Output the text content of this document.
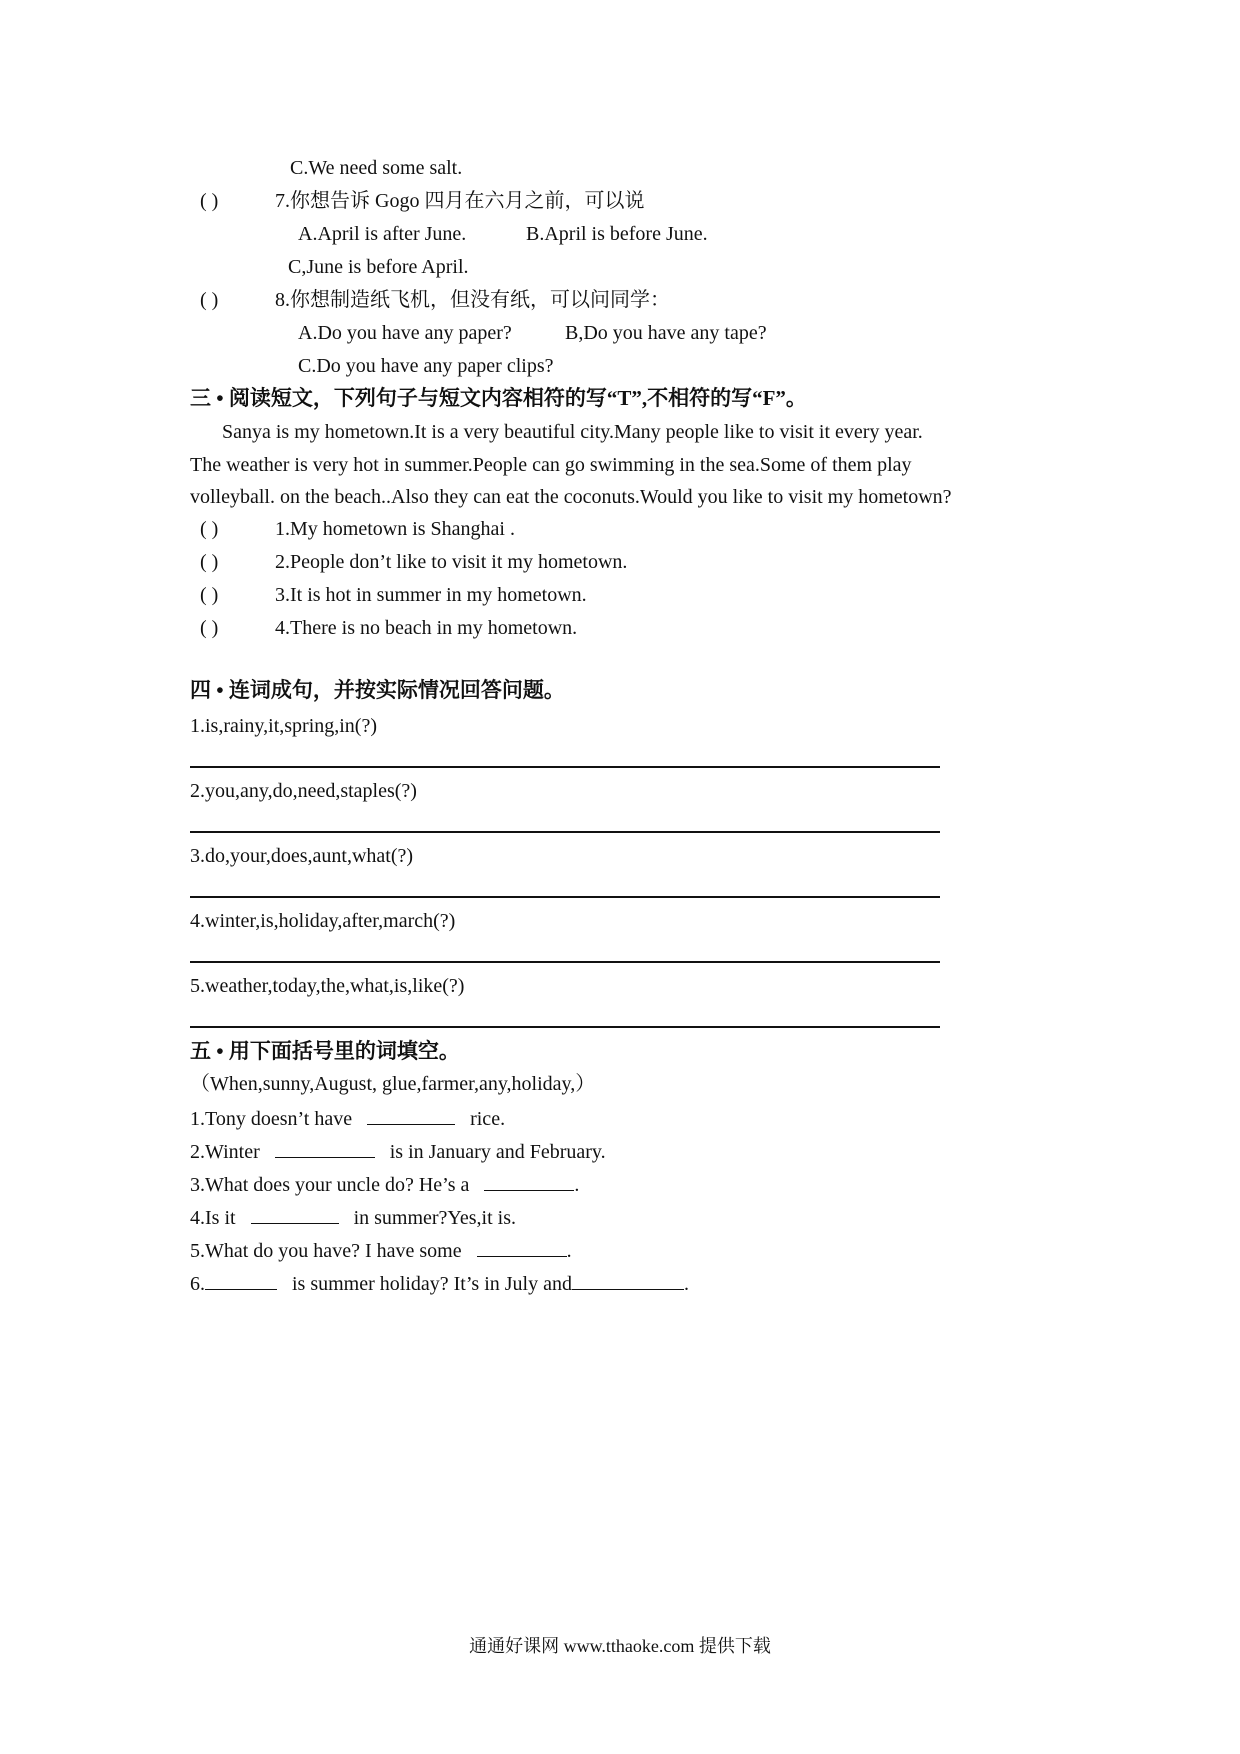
C.We need some salt.
( )	7.你想告诉 Gogo 四月在六月之前，可以说
A.April is after June.	B.April is before June.
C,June is before April.
( )	8.你想制造纸飞机，但没有纸，可以问同学：
A.Do you have any paper?	B,Do you have any tape?
C.Do you have any paper clips?
三 • 阅读短文，下列句子与短文内容相符的写“T”,不相符的写“F”。

Sanya is my hometown.It is a very beautiful city.Many people like to visit it every year.

The weather is very hot in summer.People can go swimming in the sea.Some of them play

volleyball. on the beach..Also they can eat the coconuts.Would you like to visit my hometown?

( )	1.My hometown is Shanghai .
( )	2.People don’t like to visit it my hometown.
( )	3.It is hot in summer in my hometown.
( )	4.There is no beach in my hometown.
四 • 连词成句，并按实际情况回答问题。
1.is,rainy,it,spring,in(?)
2.you,any,do,need,staples(?)
3.do,your,does,aunt,what(?)
4.winter,is,holiday,after,march(?)
5.weather,today,the,what,is,like(?)
五 • 用下面括号里的词填空。
（When,sunny,August, glue,farmer,any,holiday,）
1.Tony doesn’t have	rice.
2.Winter	is in January and February.
3.What does your uncle do? He’s a	.
4.Is it	in summer?Yes,it is.
5.What do you have? I have some	.
6.	is summer holiday? It’s in July and	.
通通好课网 www.tthaoke.com 提供下载
